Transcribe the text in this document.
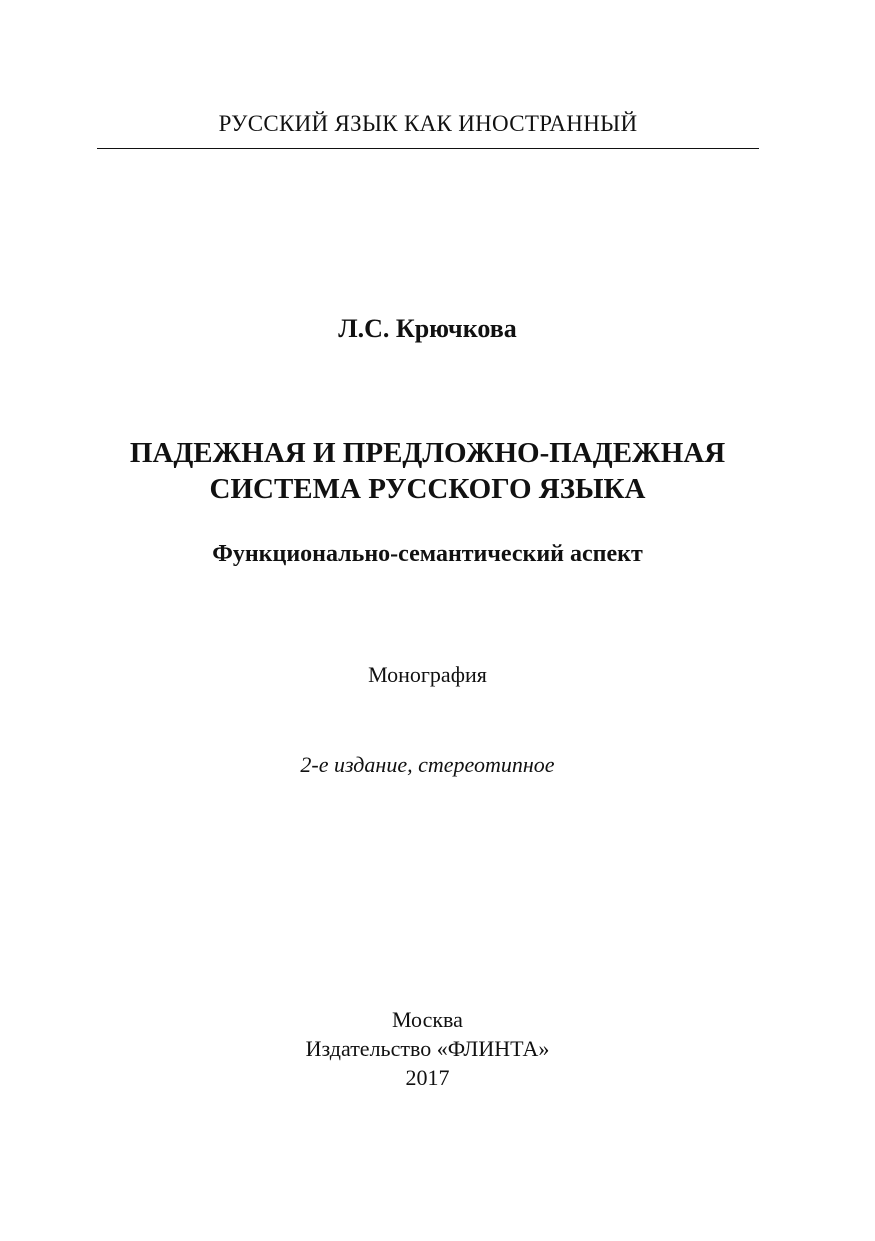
РУССКИЙ ЯЗЫК КАК ИНОСТРАННЫЙ
Л.С. Крючкова
ПАДЕЖНАЯ И ПРЕДЛОЖНО-ПАДЕЖНАЯ
СИСТЕМА РУССКОГО ЯЗЫКА
Функционально-семантический аспект
Монография
2-е издание, стереотипное
Москва
Издательство «ФЛИНТА»
2017
